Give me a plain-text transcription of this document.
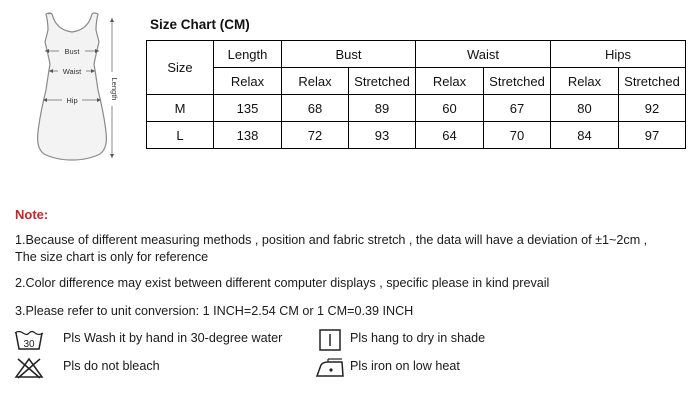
Bust
Waist
Hip
Length
Size Chart (CM)
Size	Length	Bust		Waist		Hips	
	Relax	Relax	Stretched	Relax	Stretched	Relax	Stretched
M	135	68	89	60	67	80	92
L	138	72	93	64	70	84	97
Note:
1.Because of different measuring methods , position and fabric stretch , the data will have a deviation of ±1~2cm ,
The size chart is only for reference
2.Color difference may exist between different computer displays , specific please in kind prevail
3.Please refer to unit conversion: 1 INCH=2.54 CM or 1 CM=0.39 INCH
30 Pls Wash it by hand in 30-degree water	Pls hang to dry in shade
Pls do not bleach	Pls iron on low heat
